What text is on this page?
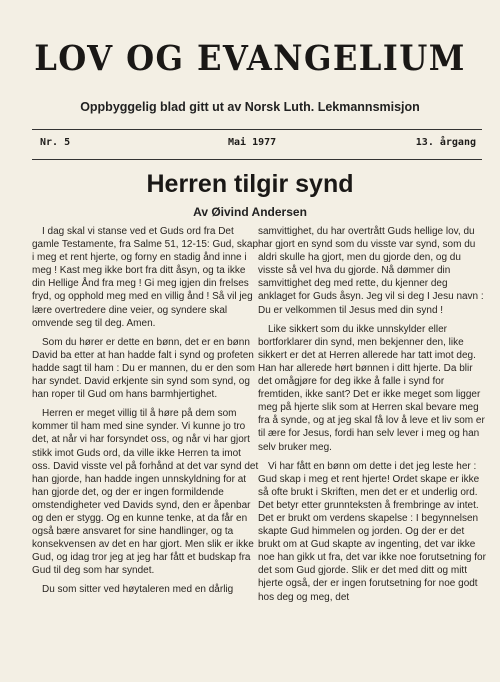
LOV OG EVANGELIUM
Oppbyggelig blad gitt ut av Norsk Luth. Lekmannsmisjon
Nr. 5	Mai 1977	13. årgang
Herren tilgir synd
Av Øivind Andersen

I dag skal vi stanse ved et Guds ord fra Det gamle Testamente, fra Salme 51, 12-15: Gud, skap i meg et rent hjerte, og forny en stadig ånd inne i meg ! Kast meg ikke bort fra ditt åsyn, og ta ikke din Hellige Ånd fra meg ! Gi meg igjen din frelses fryd, og opphold meg med en villig ånd ! Så vil jeg lære overtredere dine veier, og syndere skal omvende seg til deg. Amen.

Som du hører er dette en bønn, det er en bønn David ba etter at han hadde falt i synd og profeten hadde sagt til ham : Du er mannen, du er den som har syndet. David erkjente sin synd som synd, og han roper til Gud om hans barmhjertighet.

Herren er meget villig til å høre på dem som kommer til ham med sine synder. Vi kunne jo tro det, at når vi har forsyndet oss, og når vi har gjort stikk imot Guds ord, da ville ikke Herren ta imot oss. David visste vel på forhånd at det var synd det han gjorde, han hadde ingen unnskyldning for at han gjorde det, og der er ingen formildende omstendigheter ved Davids synd, den er åpenbar og den er stygg. Og en kunne tenke, at da får en også bære ansvaret for sine handlinger, og ta konsekvensen av det en har gjort. Men slik er ikke Gud, og idag tror jeg at jeg har fått et budskap fra Gud til deg som har syndet.

Du som sitter ved høytaleren med en dårlig

samvittighet, du har overtrått Guds hellige lov, du har gjort en synd som du visste var synd, som du aldri skulle ha gjort, men du gjorde den, og du visste så vel hva du gjorde. Nå dømmer din samvittighet deg med rette, du kjenner deg anklaget for Guds åsyn. Jeg vil si deg I Jesu navn : Du er velkommen til Jesus med din synd !

Like sikkert som du ikke unnskylder eller bortforklarer din synd, men bekjenner den, like sikkert er det at Herren allerede har tatt imot deg. Han har allerede hørt bønnen i ditt hjerte. Da blir det omågjøre for deg ikke å falle i synd for fremtiden, ikke sant? Det er ikke meget som ligger meg på hjerte slik som at Herren skal bevare meg fra å synde, og at jeg skal få lov å leve et liv som er til ære for Jesus, fordi han selv lever i meg og han selv bruker meg.

Vi har fått en bønn om dette i det jeg leste her : Gud skap i meg et rent hjerte! Ordet skape er ikke så ofte brukt i Skriften, men det er et underlig ord. Det betyr etter grunnteksten å frembringe av intet. Det er brukt om verdens skapelse : I begynnelsen skapte Gud himmelen og jorden. Og der er det brukt om at Gud skapte av ingenting, det var ikke noe han gikk ut fra, det var ikke noe forutsetning for det som Gud gjorde. Slik er det med ditt og mitt hjerte også, der er ingen forutsetning for noe godt hos deg og meg, det
